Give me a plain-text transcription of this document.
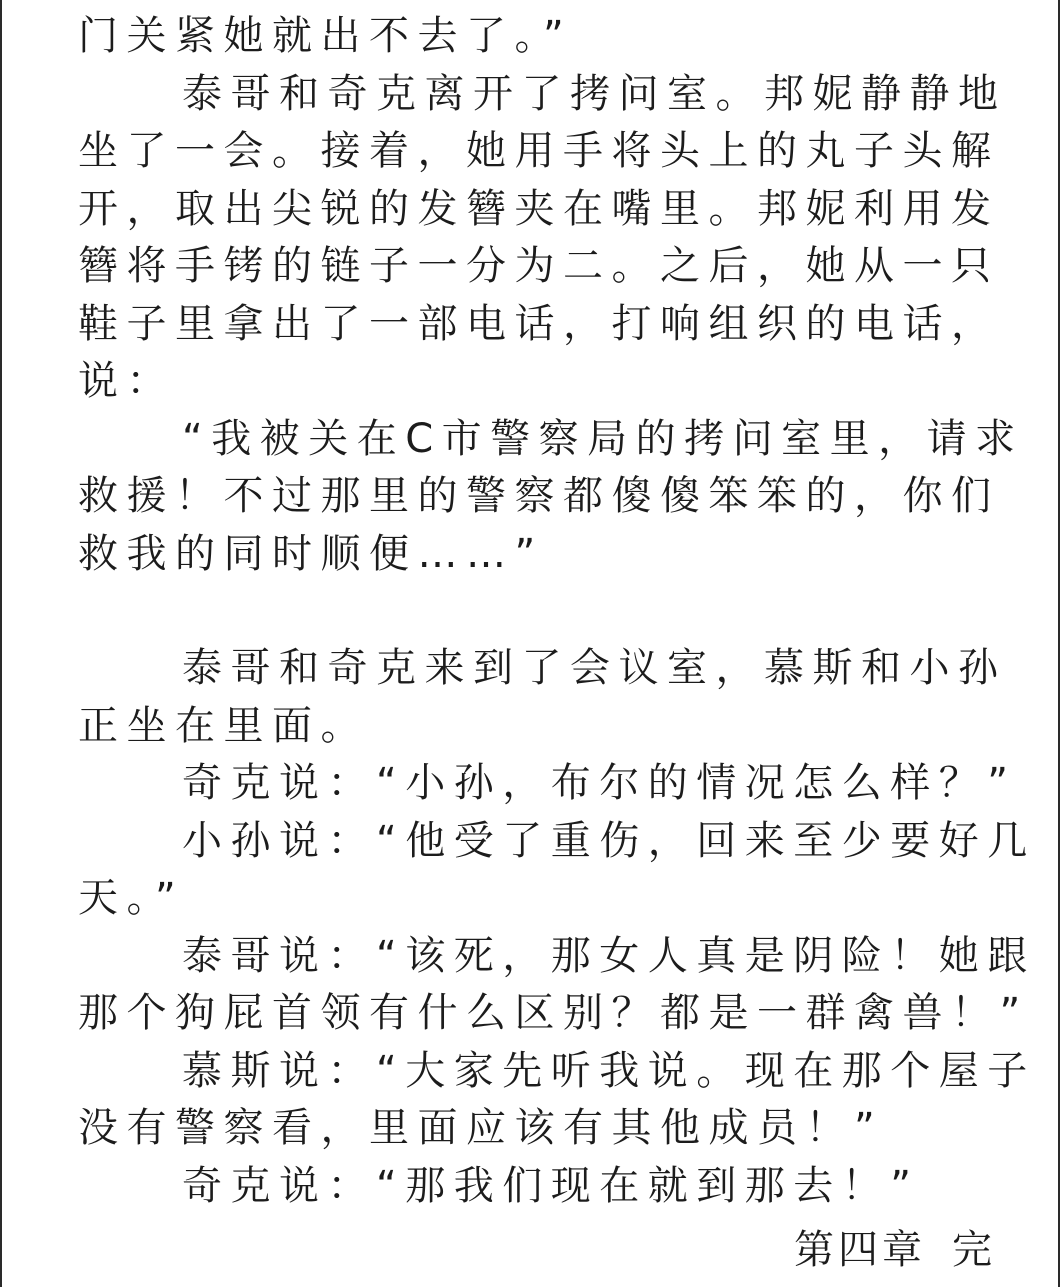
门关紧她就出不去了。”

泰哥和奇克离开了拷问室。邦妮静静地

坐了一会。接着，她用手将头上的丸子头解

开，取出尖锐的发簪夹在嘴里。邦妮利用发

簪将手铐的链子一分为二。之后，她从一只

鞋子里拿出了一部电话，打响组织的电话，

说：

“我被关在C市警察局的拷问室里，请求

救援！不过那里的警察都傻傻笨笨的，你们

救我的同时顺便……”

泰哥和奇克来到了会议室，慕斯和小孙

正坐在里面。

奇克说：“小孙，布尔的情况怎么样？”

小孙说：“他受了重伤，回来至少要好几

天。”

泰哥说：“该死，那女人真是阴险！她跟

那个狗屁首领有什么区别？都是一群禽兽！”

慕斯说：“大家先听我说。现在那个屋子

没有警察看，里面应该有其他成员！”

奇克说：“那我们现在就到那去！”

第四章 完
